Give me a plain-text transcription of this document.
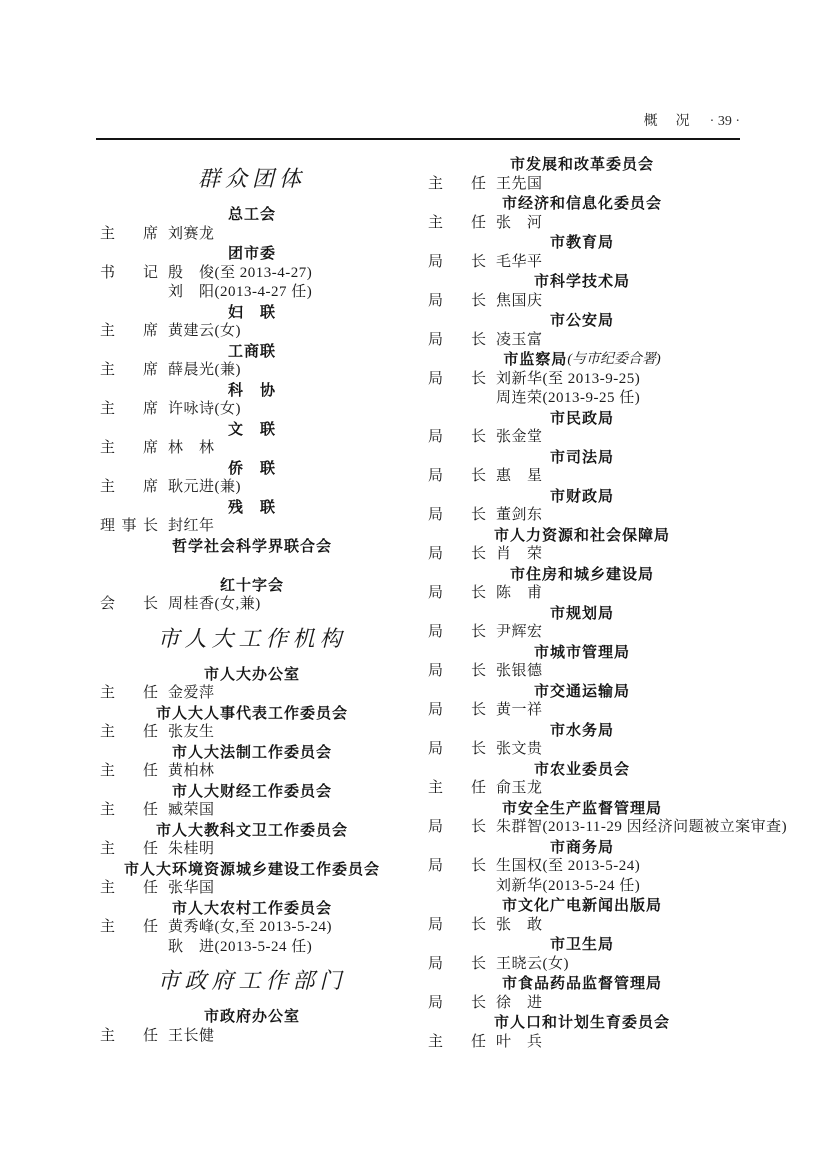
概　况 · 39 ·
群众团体
总工会
主 席 刘赛龙
团市委
书 记 殷　俊(至 2013-4-27)
刘　阳(2013-4-27 任)
妇　联
主 席 黄建云(女)
工商联
主 席 薛晨光(兼)
科　协
主 席 许咏诗(女)
文　联
主 席 林　林
侨　联
主 席 耿元进(兼)
残　联
理 事 长 封红年
哲学社会科学界联合会
红十字会
会 长 周桂香(女,兼)
市人大工作机构
市人大办公室
主 任 金爱萍
市人大人事代表工作委员会
主 任 张友生
市人大法制工作委员会
主 任 黄柏林
市人大财经工作委员会
主 任 臧荣国
市人大教科文卫工作委员会
主 任 朱桂明
市人大环境资源城乡建设工作委员会
主 任 张华国
市人大农村工作委员会
主 任 黄秀峰(女,至 2013-5-24)
耿　进(2013-5-24 任)
市政府工作部门
市政府办公室
主 任 王长健
市发展和改革委员会
主 任 王先国
市经济和信息化委员会
主 任 张　河
市教育局
局 长 毛华平
市科学技术局
局 长 焦国庆
市公安局
局 长 凌玉富
市监察局 (与市纪委合署)
局 长 刘新华(至 2013-9-25)
周连荣(2013-9-25 任)
市民政局
局 长 张金堂
市司法局
局 长 惠　星
市财政局
局 长 董剑东
市人力资源和社会保障局
局 长 肖　荣
市住房和城乡建设局
局 长 陈　甫
市规划局
局 长 尹辉宏
市城市管理局
局 长 张银德
市交通运输局
局 长 黄一祥
市水务局
局 长 张文贵
市农业委员会
主 任 俞玉龙
市安全生产监督管理局
局 长 朱群智(2013-11-29 因经济问题被立案审查)
市商务局
局 长 生国权(至 2013-5-24)
刘新华(2013-5-24 任)
市文化广电新闻出版局
局 长 张　敢
市卫生局
局 长 王晓云(女)
市食品药品监督管理局
局 长 徐　进
市人口和计划生育委员会
主 任 叶　兵
